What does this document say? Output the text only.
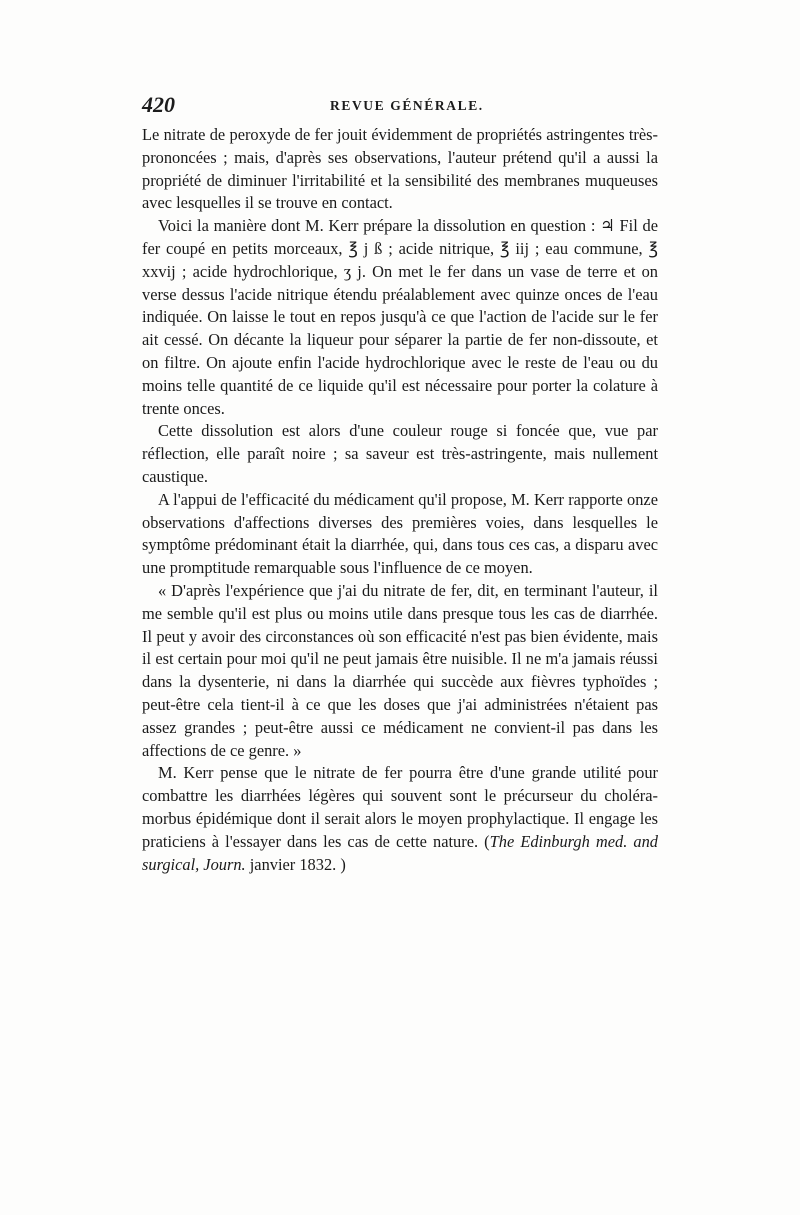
420	REVUE GÉNÉRALE.

Le nitrate de peroxyde de fer jouit évidemment de propriétés astringentes très-prononcées ; mais, d'après ses observations, l'auteur prétend qu'il a aussi la propriété de diminuer l'irritabilité et la sensibilité des membranes muqueuses avec lesquelles il se trouve en contact.

Voici la manière dont M. Kerr prépare la dissolution en question : ♃ Fil de fer coupé en petits morceaux, ℥ j ß ; acide nitrique, ℥ iij ; eau commune, ℥ xxvij ; acide hydrochlorique, ʒ j. On met le fer dans un vase de terre et on verse dessus l'acide nitrique étendu préalablement avec quinze onces de l'eau indiquée. On laisse le tout en repos jusqu'à ce que l'action de l'acide sur le fer ait cessé. On décante la liqueur pour séparer la partie de fer non-dissoute, et on filtre. On ajoute enfin l'acide hydrochlorique avec le reste de l'eau ou du moins telle quantité de ce liquide qu'il est nécessaire pour porter la colature à trente onces.

Cette dissolution est alors d'une couleur rouge si foncée que, vue par réflection, elle paraît noire ; sa saveur est très-astringente, mais nullement caustique.

A l'appui de l'efficacité du médicament qu'il propose, M. Kerr rapporte onze observations d'affections diverses des premières voies, dans lesquelles le symptôme prédominant était la diarrhée, qui, dans tous ces cas, a disparu avec une promptitude remarquable sous l'influence de ce moyen.

« D'après l'expérience que j'ai du nitrate de fer, dit, en terminant l'auteur, il me semble qu'il est plus ou moins utile dans presque tous les cas de diarrhée. Il peut y avoir des circonstances où son efficacité n'est pas bien évidente, mais il est certain pour moi qu'il ne peut jamais être nuisible. Il ne m'a jamais réussi dans la dysenterie, ni dans la diarrhée qui succède aux fièvres typhoïdes ; peut-être cela tient-il à ce que les doses que j'ai administrées n'étaient pas assez grandes ; peut-être aussi ce médicament ne convient-il pas dans les affections de ce genre. »

M. Kerr pense que le nitrate de fer pourra être d'une grande utilité pour combattre les diarrhées légères qui souvent sont le précurseur du choléra-morbus épidémique dont il serait alors le moyen prophylactique. Il engage les praticiens à l'essayer dans les cas de cette nature. (The Edinburgh med. and surgical, Journ. janvier 1832. )
